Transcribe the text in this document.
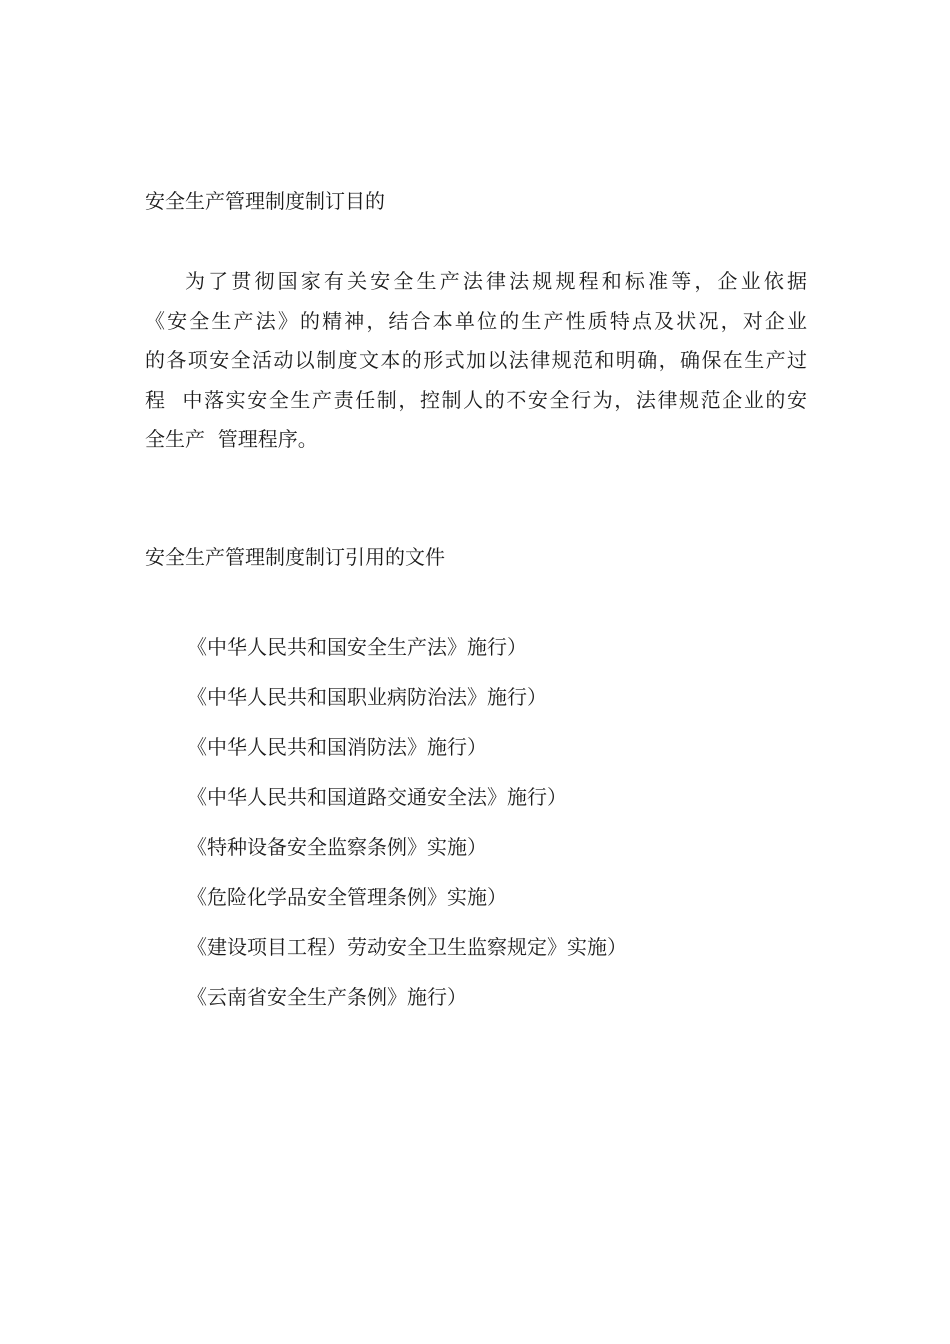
安全生产管理制度制订目的
为了贯彻国家有关安全生产法律法规规程和标准等，企业依据
《安全生产法》的精神，结合本单位的生产性质特点及状况，对企业
的各项安全活动以制度文本的形式加以法律规范和明确，确保在生产过
程  中落实安全生产责任制，控制人的不安全行为，法律规范企业的安
全生产  管理程序。
安全生产管理制度制订引用的文件
《中华人民共和国安全生产法》施行）
《中华人民共和国职业病防治法》施行）
《中华人民共和国消防法》施行）
《中华人民共和国道路交通安全法》施行）
《特种设备安全监察条例》实施）
《危险化学品安全管理条例》实施）
《建设项目工程）劳动安全卫生监察规定》实施）
《云南省安全生产条例》施行）
